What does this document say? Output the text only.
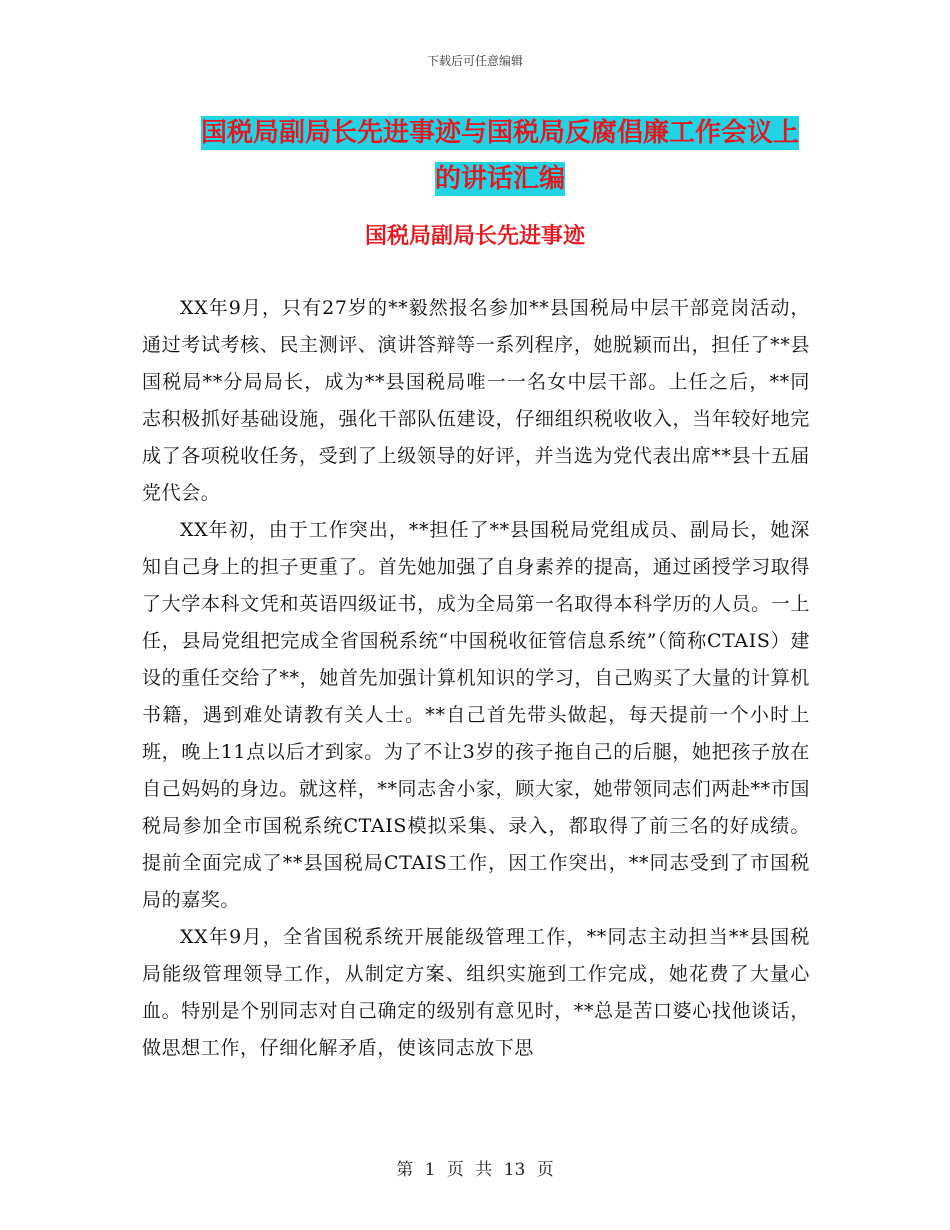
下载后可任意编辑
国税局副局长先进事迹与国税局反腐倡廉工作会议上
的讲话汇编
国税局副局长先进事迹

XX年9月，只有27岁的**毅然报名参加**县国税局中层干部竞岗活动，通过考试考核、民主测评、演讲答辩等一系列程序，她脱颖而出，担任了**县国税局**分局局长，成为**县国税局唯一一名女中层干部。上任之后，**同志积极抓好基础设施，强化干部队伍建设，仔细组织税收收入，当年较好地完成了各项税收任务，受到了上级领导的好评，并当选为党代表出席**县十五届党代会。

XX年初，由于工作突出，**担任了**县国税局党组成员、副局长，她深知自己身上的担子更重了。首先她加强了自身素养的提高，通过函授学习取得了大学本科文凭和英语四级证书，成为全局第一名取得本科学历的人员。一上任，县局党组把完成全省国税系统“中国税收征管信息系统”（简称CTAIS）建设的重任交给了**，她首先加强计算机知识的学习，自己购买了大量的计算机书籍，遇到难处请教有关人士。**自己首先带头做起，每天提前一个小时上班，晚上11点以后才到家。为了不让3岁的孩子拖自己的后腿，她把孩子放在自己妈妈的身边。就这样，**同志舍小家，顾大家，她带领同志们两赴**市国税局参加全市国税系统CTAIS模拟采集、录入，都取得了前三名的好成绩。提前全面完成了**县国税局CTAIS工作，因工作突出，**同志受到了市国税局的嘉奖。

XX年9月，全省国税系统开展能级管理工作，**同志主动担当**县国税局能级管理领导工作，从制定方案、组织实施到工作完成，她花费了大量心血。特别是个别同志对自己确定的级别有意见时，**总是苦口婆心找他谈话，做思想工作，仔细化解矛盾，使该同志放下思

第 1 页 共 13 页
